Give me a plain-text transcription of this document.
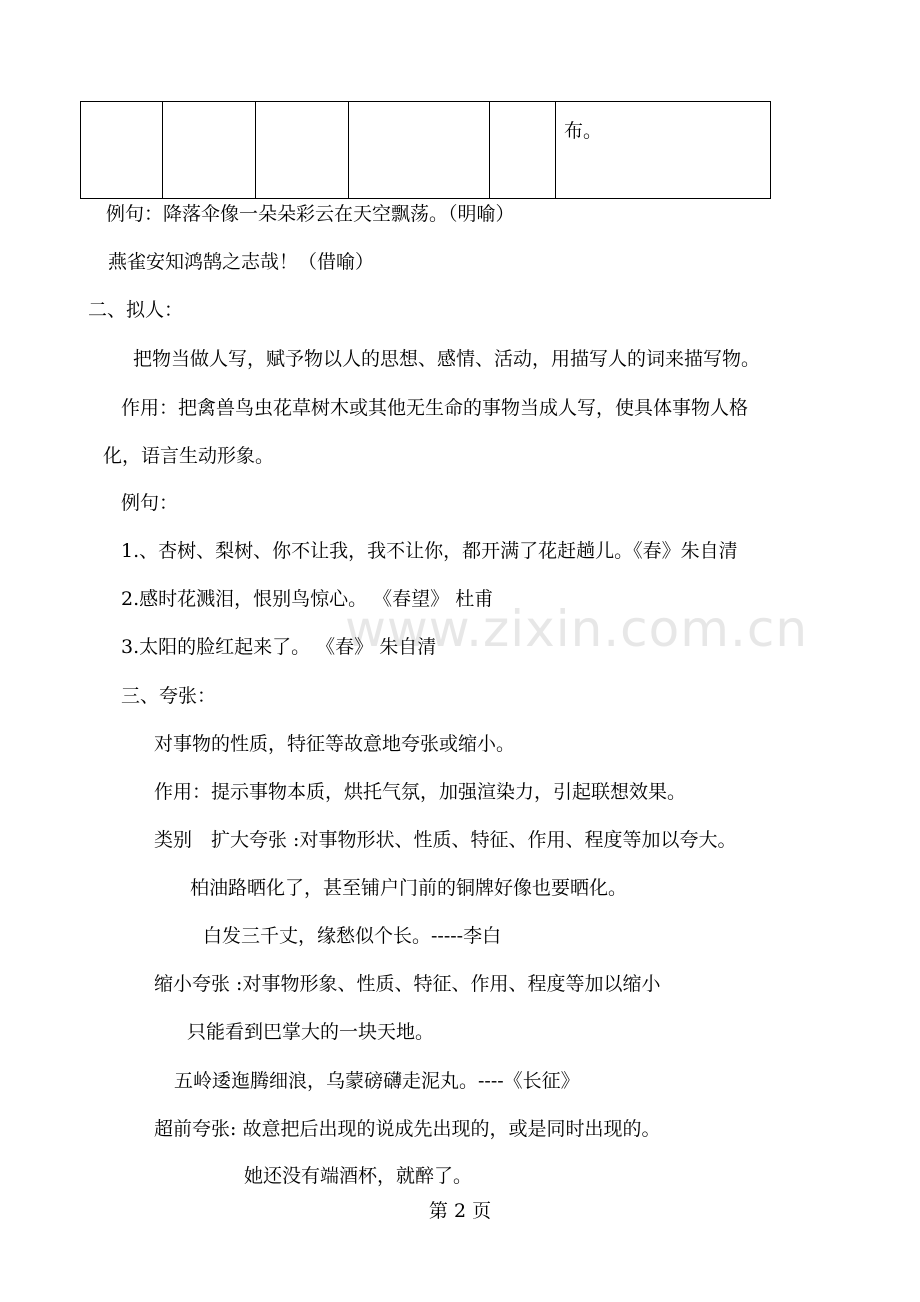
					布。
www.zixin.com.cn
例句：降落伞像一朵朵彩云在天空飘荡。（明喻）
燕雀安知鸿鹄之志哉！（借喻）
二、拟人：
把物当做人写，赋予物以人的思想、感情、活动，用描写人的词来描写物。
作用：把禽兽鸟虫花草树木或其他无生命的事物当成人写，使具体事物人格
化，语言生动形象。
例句：
1.、杏树、梨树、你不让我，我不让你，都开满了花赶趟儿。《春》朱自清
2.感时花溅泪，恨别鸟惊心。 《春望》 杜甫
3.太阳的脸红起来了。 《春》 朱自清
三、夸张：
对事物的性质，特征等故意地夸张或缩小。
作用：提示事物本质，烘托气氛，加强渲染力，引起联想效果。
类别　扩大夸张 :对事物形状、性质、特征、作用、程度等加以夸大。
柏油路晒化了，甚至铺户门前的铜牌好像也要晒化。
白发三千丈，缘愁似个长。-----李白
缩小夸张 :对事物形象、性质、特征、作用、程度等加以缩小
只能看到巴掌大的一块天地。
五岭逶迤腾细浪，乌蒙磅礴走泥丸。----《长征》
超前夸张: 故意把后出现的说成先出现的，或是同时出现的。
她还没有端酒杯，就醉了。
第 2 页
